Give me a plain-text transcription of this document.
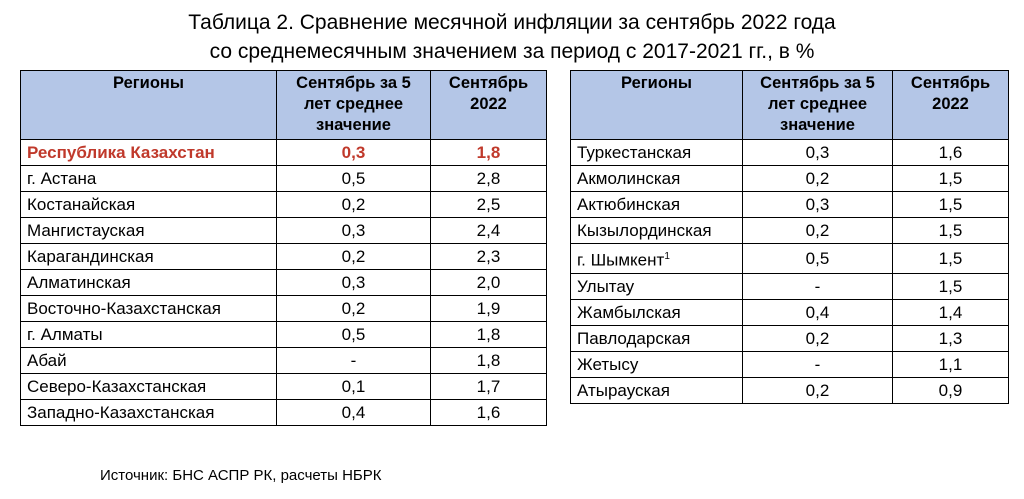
Таблица 2. Сравнение месячной инфляции за сентябрь 2022 года
со среднемесячным значением за период с 2017-2021 гг., в %
Регионы	Сентябрь за 5 лет среднее значение	Сентябрь 2022
Республика Казахстан	0,3	1,8
г. Астана	0,5	2,8
Костанайская	0,2	2,5
Мангистауская	0,3	2,4
Карагандинская	0,2	2,3
Алматинская	0,3	2,0
Восточно-Казахстанская	0,2	1,9
г. Алматы	0,5	1,8
Абай	-	1,8
Северо-Казахстанская	0,1	1,7
Западно-Казахстанская	0,4	1,6
Регионы	Сентябрь за 5 лет среднее значение	Сентябрь 2022
Туркестанская	0,3	1,6
Акмолинская	0,2	1,5
Актюбинская	0,3	1,5
Кызылординская	0,2	1,5
г. Шымкент$^1$	0,5	1,5
Улытау	-	1,5
Жамбылская	0,4	1,4
Павлодарская	0,2	1,3
Жетысу	-	1,1
Атырауская	0,2	0,9
Источник: БНС АСПР РК, расчеты НБРК
